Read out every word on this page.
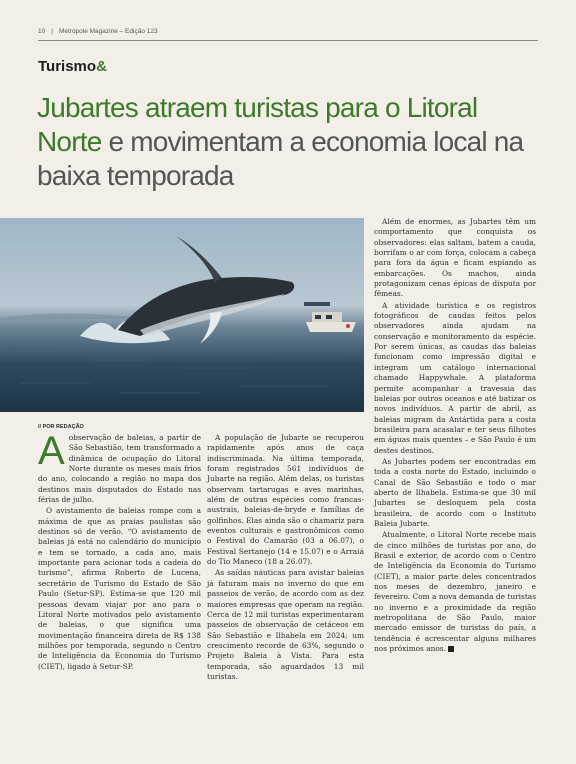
10 | Metrópole Magazine – Edição 123
Turismo&
Jubartes atraem turistas para o Litoral Norte e movimentam a economia local na baixa temporada
// POR REDAÇÃO

Aobservação de baleias, a partir de São Sebastião, tem transformado a dinâmica de ocupação do Litoral Norte durante os meses mais frios do ano, colocando a região no mapa dos destinos mais disputados do Estado nas férias de julho.

O avistamento de baleias rompe com a máxima de que as praias paulistas são destinos só de verão. “O avistamento de baleias já está no calendário do município e tem se tornado, a cada ano, mais importante para acionar toda a cadeia do turismo”, afirma Roberto de Lucena, secretário de Turismo do Estado de São Paulo (Setur-SP). Estima-se que 120 mil pessoas devam viajar por ano para o Litoral Norte motivados pelo avistamento de baleias, o que significa uma movimentação financeira direta de R$ 138 milhões por temporada, segundo o Centro de Inteligência da Economia do Turismo (CIET), ligado à Setur-SP.

A população de Jubarte se recuperou rapidamente após anos de caça indiscriminada. Na última temporada, foram registrados 561 indivíduos de Jubarte na região. Além delas, os turistas observam tartarugas e aves marinhas, além de outras espécies como francas-austrais, baleias-de-bryde e famílias de golfinhos. Elas ainda são o chamariz para eventos culturais e gastronômicos como o Festival do Camarão (03 a 06.07), o Festival Sertanejo (14 e 15.07) e o Arraiá do Tio Maneco (18 a 26.07).

As saídas náuticas para avistar baleias já faturam mais no inverno do que em passeios de verão, de acordo com as dez maiores empresas que operam na região. Cerca de 12 mil turistas experimentaram passeios de observação de cetáceos em São Sebastião e Ilhabela em 2024; um crescimento recorde de 63%, segundo o Projeto Baleia à Vista. Para esta temporada, são aguardados 13 mil turistas.

Além de enormes, as Jubartes têm um comportamento que conquista os observadores: elas saltam, batem a cauda, borrifam o ar com força, colocam a cabeça para fora da água e ficam espiando as embarcações. Os machos, ainda protagonizam cenas épicas de disputa por fêmeas.

A atividade turística e os registros fotográficos de caudas feitos pelos observadores ainda ajudam na conservação e monitoramento da espécie. Por serem únicas, as caudas das baleias funcionam como impressão digital e integram um catálogo internacional chamado Happywhale. A plataforma permite acompanhar a travessia das baleias por outros oceanos e até batizar os novos indivíduos. A partir de abril, as baleias migram da Antártida para a costa brasileira para acasalar e ter seus filhotes em águas mais quentes – e São Paulo é um destes destinos.

As Jubartes podem ser encontradas em toda a costa norte do Estado, incluindo o Canal de São Sebastião e todo o mar aberto de Ilhabela. Estima-se que 30 mil Jubartes se desloquem pela costa brasileira, de acordo com o Instituto Baleia Jubarte.

Atualmente, o Litoral Norte recebe mais de cinco milhões de turistas por ano, do Brasil e exterior, de acordo com o Centro de Inteligência da Economia do Turismo (CIET), a maior parte deles concentrados nos meses de dezembro, janeiro e fevereiro. Com a nova demanda de turistas no inverno e a proximidade da região metropolitana de São Paulo, maior mercado emissor de turistas do país, a tendência é acrescentar alguns milhares nos próximos anos.
